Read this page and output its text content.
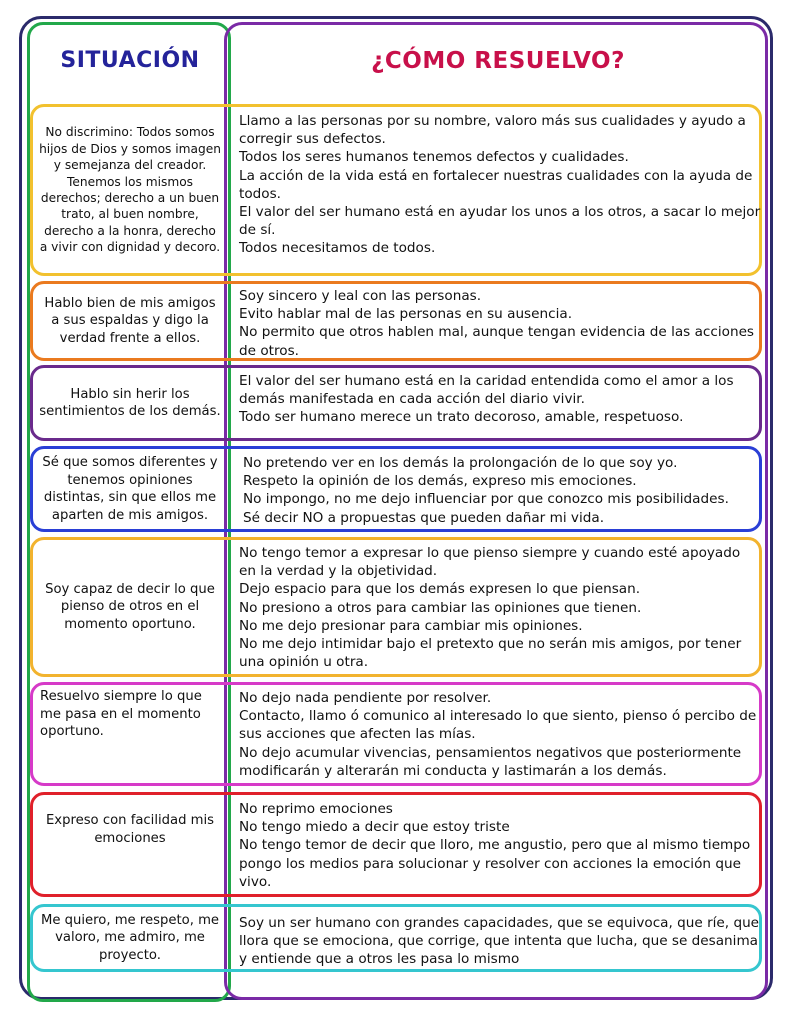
SITUACIÓN	¿CÓMO RESUELVO?
No discrimino: Todos somos hijos de Dios y somos imagen y semejanza del creador. Tenemos los mismos derechos; derecho a un buen trato, al buen nombre, derecho a la honra, derecho a vivir con dignidad y decoro.
Llamo a las personas por su nombre, valoro más sus cualidades y ayudo a corregir sus defectos.
Todos los seres humanos tenemos defectos y cualidades.
La acción de la vida está en fortalecer nuestras cualidades con la ayuda de todos.
El valor del ser humano está en ayudar los unos a los otros, a sacar lo mejor de sí.
Todos necesitamos de todos.
Hablo bien de mis amigos a sus espaldas y digo la verdad frente a ellos.
Soy sincero y leal con las personas.
Evito hablar mal de las personas en su ausencia.
No permito que otros hablen mal, aunque tengan evidencia de las acciones de otros.
Hablo sin herir los sentimientos de los demás.
El valor del ser humano está en la caridad entendida como el amor a los demás manifestada en cada acción del diario vivir.
Todo ser humano merece un trato decoroso, amable, respetuoso.
Sé que somos diferentes y tenemos opiniones distintas, sin que ellos me aparten de mis amigos.
No pretendo ver en los demás la prolongación de lo que soy yo.
Respeto la opinión de los demás, expreso mis emociones.
No impongo, no me dejo influenciar por que conozco mis posibilidades.
Sé decir NO a propuestas que pueden dañar mi vida.
Soy capaz de decir lo que pienso de otros en el momento oportuno.
No tengo temor a expresar lo que pienso siempre y cuando esté apoyado en la verdad y la objetividad.
Dejo espacio para que los demás expresen lo que piensan.
No presiono a otros para cambiar las opiniones que tienen.
No me dejo presionar para cambiar mis opiniones.
No me dejo intimidar bajo el pretexto que no serán mis amigos, por tener una opinión u otra.
Resuelvo siempre lo que me pasa en el momento oportuno.
No dejo nada pendiente por resolver.
Contacto, llamo ó comunico al interesado lo que siento, pienso ó percibo de sus acciones que afecten las mías.
No dejo acumular vivencias, pensamientos negativos que posteriormente modificarán y alterarán mi conducta y lastimarán a los demás.
Expreso con facilidad mis emociones
No reprimo emociones
No tengo miedo a decir que estoy triste
No tengo temor de decir que lloro, me angustio, pero que al mismo tiempo pongo los medios para solucionar y resolver con acciones la emoción que vivo.
Me quiero, me respeto, me valoro, me admiro, me proyecto.
Soy un ser humano con grandes capacidades, que se equivoca, que ríe, que llora que se emociona, que corrige, que intenta que lucha, que se desanima y entiende que a otros les pasa lo mismo
